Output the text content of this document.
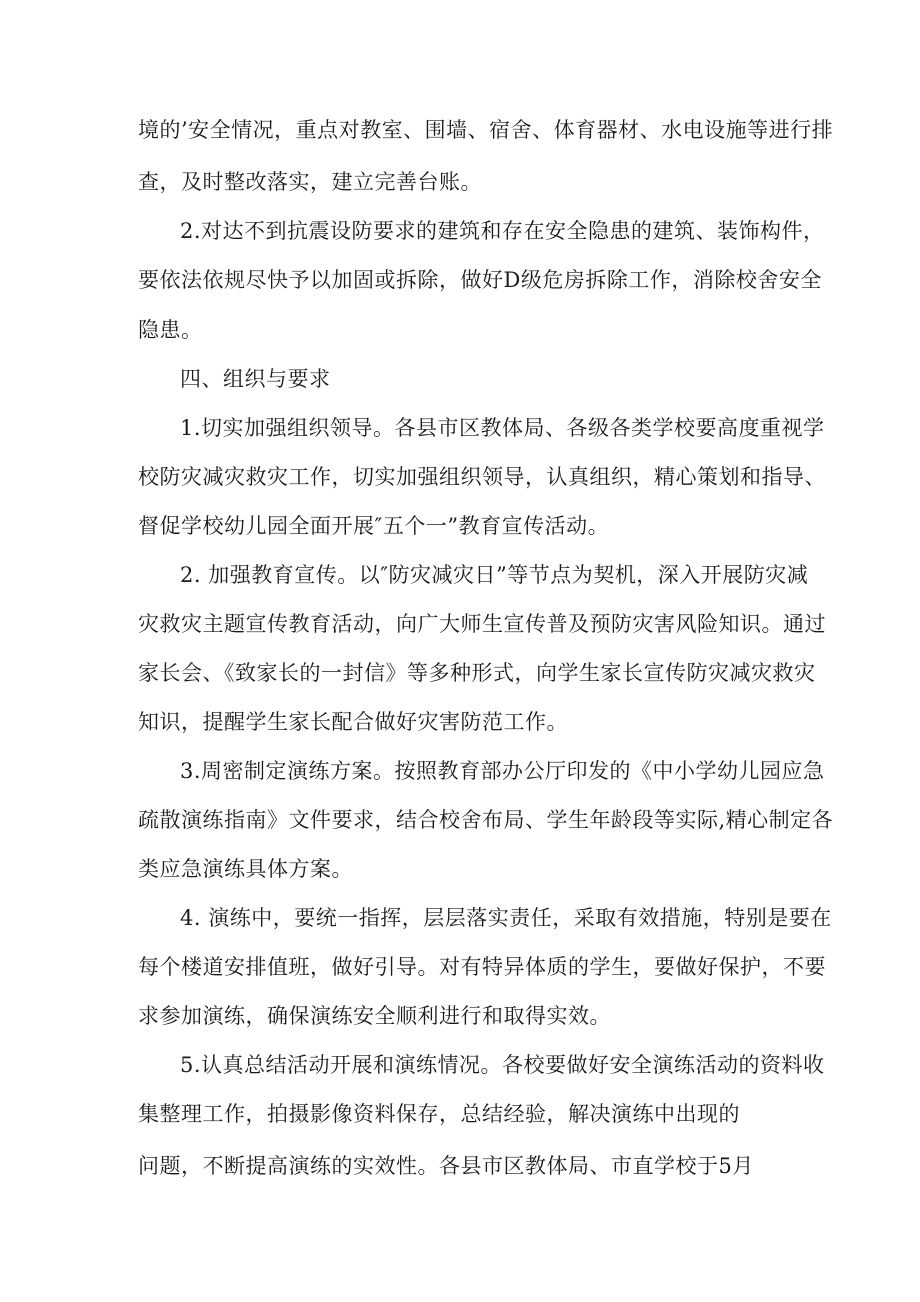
境的’安全情况，重点对教室、围墙、宿舍、体育器材、水电设施等进行排
查，及时整改落实，建立完善台账。
2.对达不到抗震设防要求的建筑和存在安全隐患的建筑、装饰构件，
要依法依规尽快予以加固或拆除，做好D级危房拆除工作，消除校舍安全
隐患。
四、组织与要求
1.切实加强组织领导。各县市区教体局、各级各类学校要高度重视学
校防灾减灾救灾工作，切实加强组织领导，认真组织，精心策划和指导、
督促学校幼儿园全面开展″五个一”教育宣传活动。
2. 加强教育宣传。以″防灾减灾日”等节点为契机，深入开展防灾减
灾救灾主题宣传教育活动，向广大师生宣传普及预防灾害风险知识。通过
家长会、《致家长的一封信》等多种形式，向学生家长宣传防灾减灾救灾
知识，提醒学生家长配合做好灾害防范工作。
3.周密制定演练方案。按照教育部办公厅印发的《中小学幼儿园应急
疏散演练指南》文件要求，结合校舍布局、学生年龄段等实际,精心制定各
类应急演练具体方案。
4. 演练中，要统一指挥，层层落实责任，采取有效措施，特别是要在
每个楼道安排值班，做好引导。对有特异体质的学生，要做好保护，不要
求参加演练，确保演练安全顺利进行和取得实效。
5.认真总结活动开展和演练情况。各校要做好安全演练活动的资料收
集整理工作，拍摄影像资料保存，总结经验，解决演练中出现的
问题，不断提高演练的实效性。各县市区教体局、市直学校于5月
